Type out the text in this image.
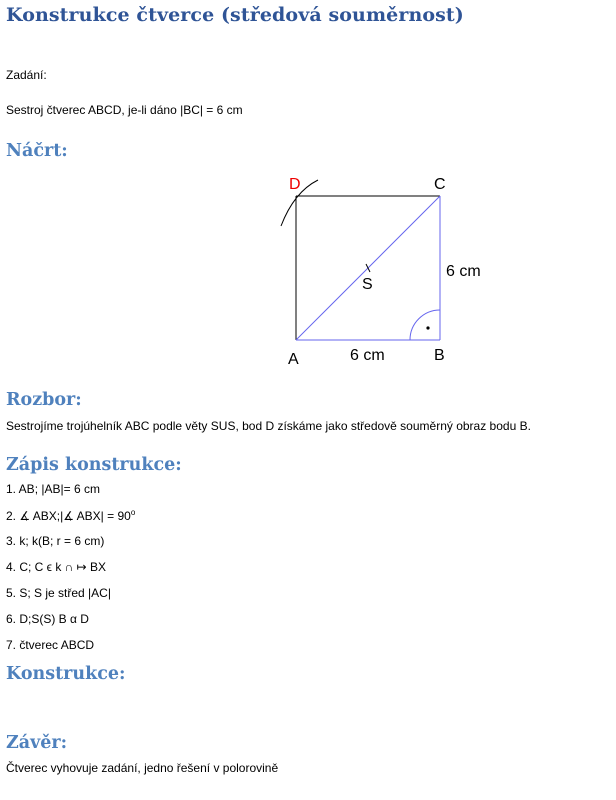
Konstrukce čtverce (středová souměrnost)
Zadání:
Sestroj čtverec ABCD, je-li dáno |BC| = 6 cm
Náčrt:
D	C
A	B
S
6 cm
6 cm
Rozbor:
Sestrojíme trojúhelník ABC podle věty SUS, bod D získáme jako středově souměrný obraz bodu B.
Zápis konstrukce:
1. AB; |AB|= 6 cm
2. ∡ ABX;|∡ $ABX| = 90^o$
3. k; k(B; r = 6 cm)
4. C; C ϵ k ∩ ↦ BX
5. S; S je střed |AC|
6. D;S(S) B α D
7. čtverec ABCD
Konstrukce:
Závěr:
Čtverec vyhovuje zadání, jedno řešení v polorovině
